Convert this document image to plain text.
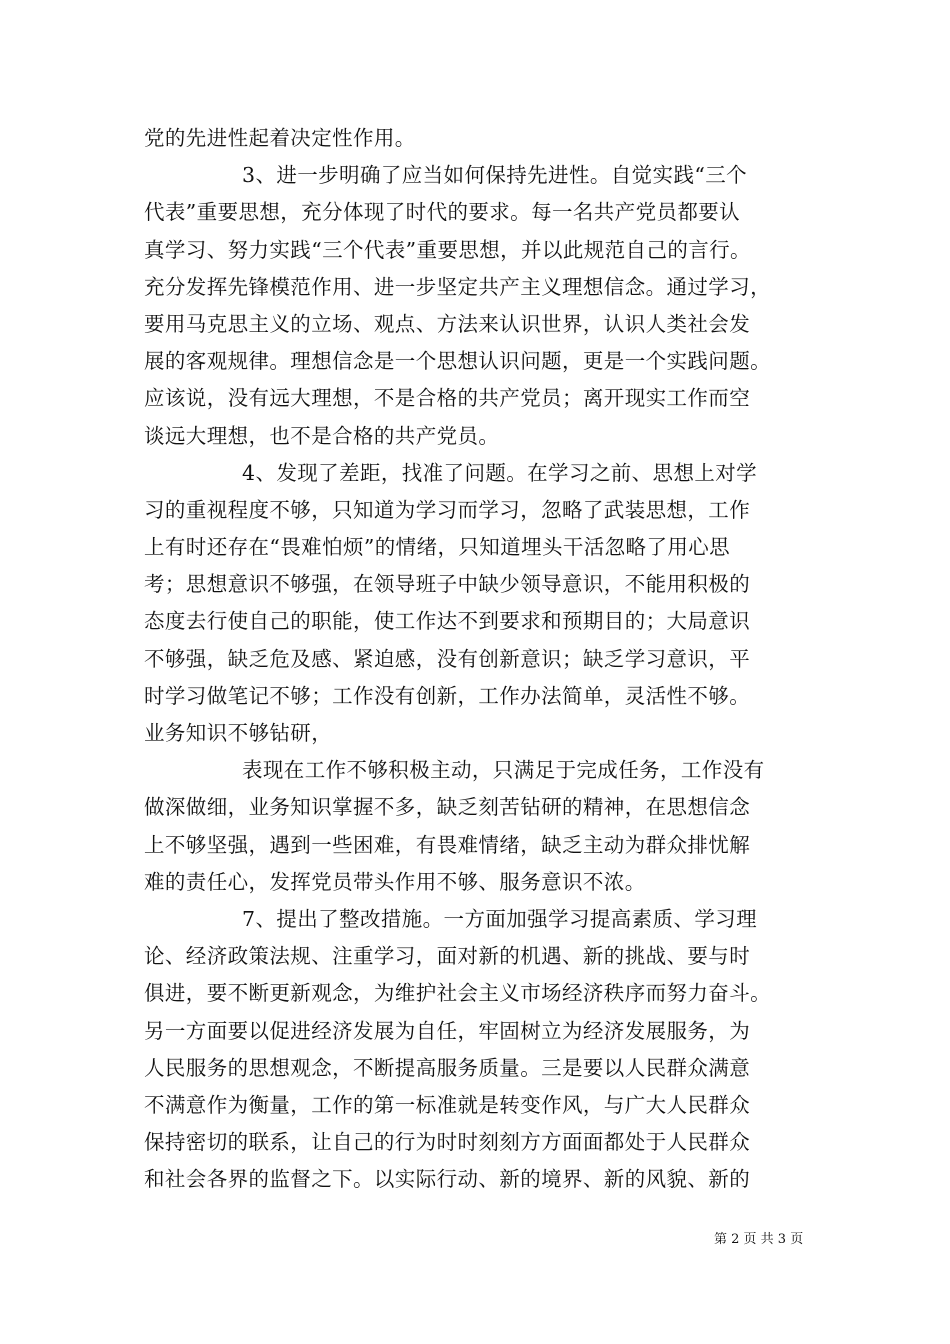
党的先进性起着决定性作用。
3、进一步明确了应当如何保持先进性。自觉实践“三个
代表”重要思想，充分体现了时代的要求。每一名共产党员都要认
真学习、努力实践“三个代表”重要思想，并以此规范自己的言行。
充分发挥先锋模范作用、进一步坚定共产主义理想信念。通过学习，
要用马克思主义的立场、观点、方法来认识世界，认识人类社会发
展的客观规律。理想信念是一个思想认识问题，更是一个实践问题。
应该说，没有远大理想，不是合格的共产党员；离开现实工作而空
谈远大理想，也不是合格的共产党员。
4、发现了差距，找准了问题。在学习之前、思想上对学
习的重视程度不够，只知道为学习而学习，忽略了武装思想，工作
上有时还存在“畏难怕烦”的情绪，只知道埋头干活忽略了用心思
考；思想意识不够强，在领导班子中缺少领导意识，不能用积极的
态度去行使自己的职能，使工作达不到要求和预期目的；大局意识
不够强，缺乏危及感、紧迫感，没有创新意识；缺乏学习意识，平
时学习做笔记不够；工作没有创新，工作办法简单，灵活性不够。
业务知识不够钻研，
表现在工作不够积极主动，只满足于完成任务，工作没有
做深做细，业务知识掌握不多，缺乏刻苦钻研的精神，在思想信念
上不够坚强，遇到一些困难，有畏难情绪，缺乏主动为群众排忧解
难的责任心，发挥党员带头作用不够、服务意识不浓。
7、提出了整改措施。一方面加强学习提高素质、学习理
论、经济政策法规、注重学习，面对新的机遇、新的挑战、要与时
俱进，要不断更新观念，为维护社会主义市场经济秩序而努力奋斗。
另一方面要以促进经济发展为自任，牢固树立为经济发展服务，为
人民服务的思想观念，不断提高服务质量。三是要以人民群众满意
不满意作为衡量，工作的第一标准就是转变作风，与广大人民群众
保持密切的联系，让自己的行为时时刻刻方方面面都处于人民群众
和社会各界的监督之下。以实际行动、新的境界、新的风貌、新的
第 2 页 共 3 页
